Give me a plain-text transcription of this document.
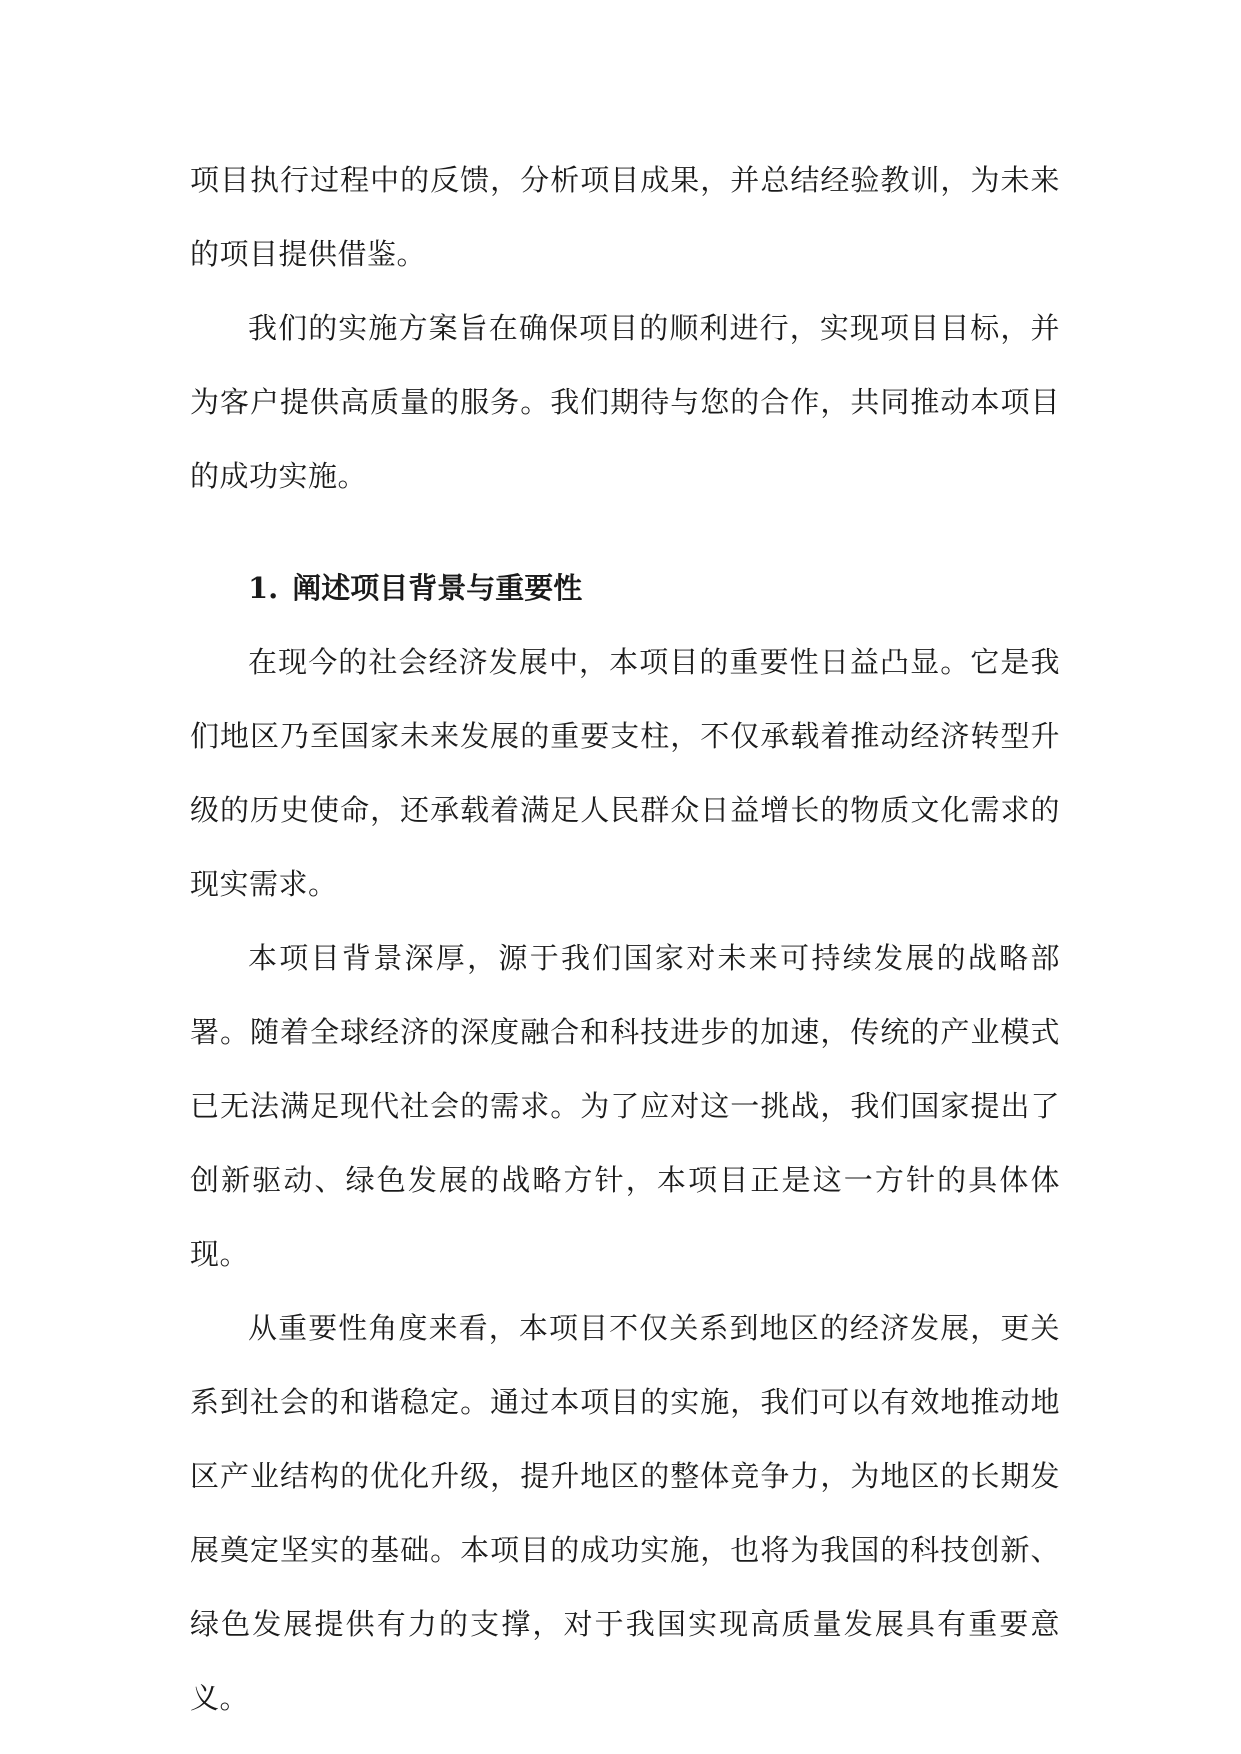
项目执行过程中的反馈，分析项目成果，并总结经验教训，为未来的项目提供借鉴。

我们的实施方案旨在确保项目的顺利进行，实现项目目标，并为客户提供高质量的服务。我们期待与您的合作，共同推动本项目的成功实施。

1. 阐述项目背景与重要性

在现今的社会经济发展中，本项目的重要性日益凸显。它是我们地区乃至国家未来发展的重要支柱，不仅承载着推动经济转型升级的历史使命，还承载着满足人民群众日益增长的物质文化需求的现实需求。

本项目背景深厚，源于我们国家对未来可持续发展的战略部署。随着全球经济的深度融合和科技进步的加速，传统的产业模式已无法满足现代社会的需求。为了应对这一挑战，我们国家提出了创新驱动、绿色发展的战略方针，本项目正是这一方针的具体体现。

从重要性角度来看，本项目不仅关系到地区的经济发展，更关系到社会的和谐稳定。通过本项目的实施，我们可以有效地推动地区产业结构的优化升级，提升地区的整体竞争力，为地区的长期发展奠定坚实的基础。本项目的成功实施，也将为我国的科技创新、绿色发展提供有力的支撑，对于我国实现高质量发展具有重要意义。
